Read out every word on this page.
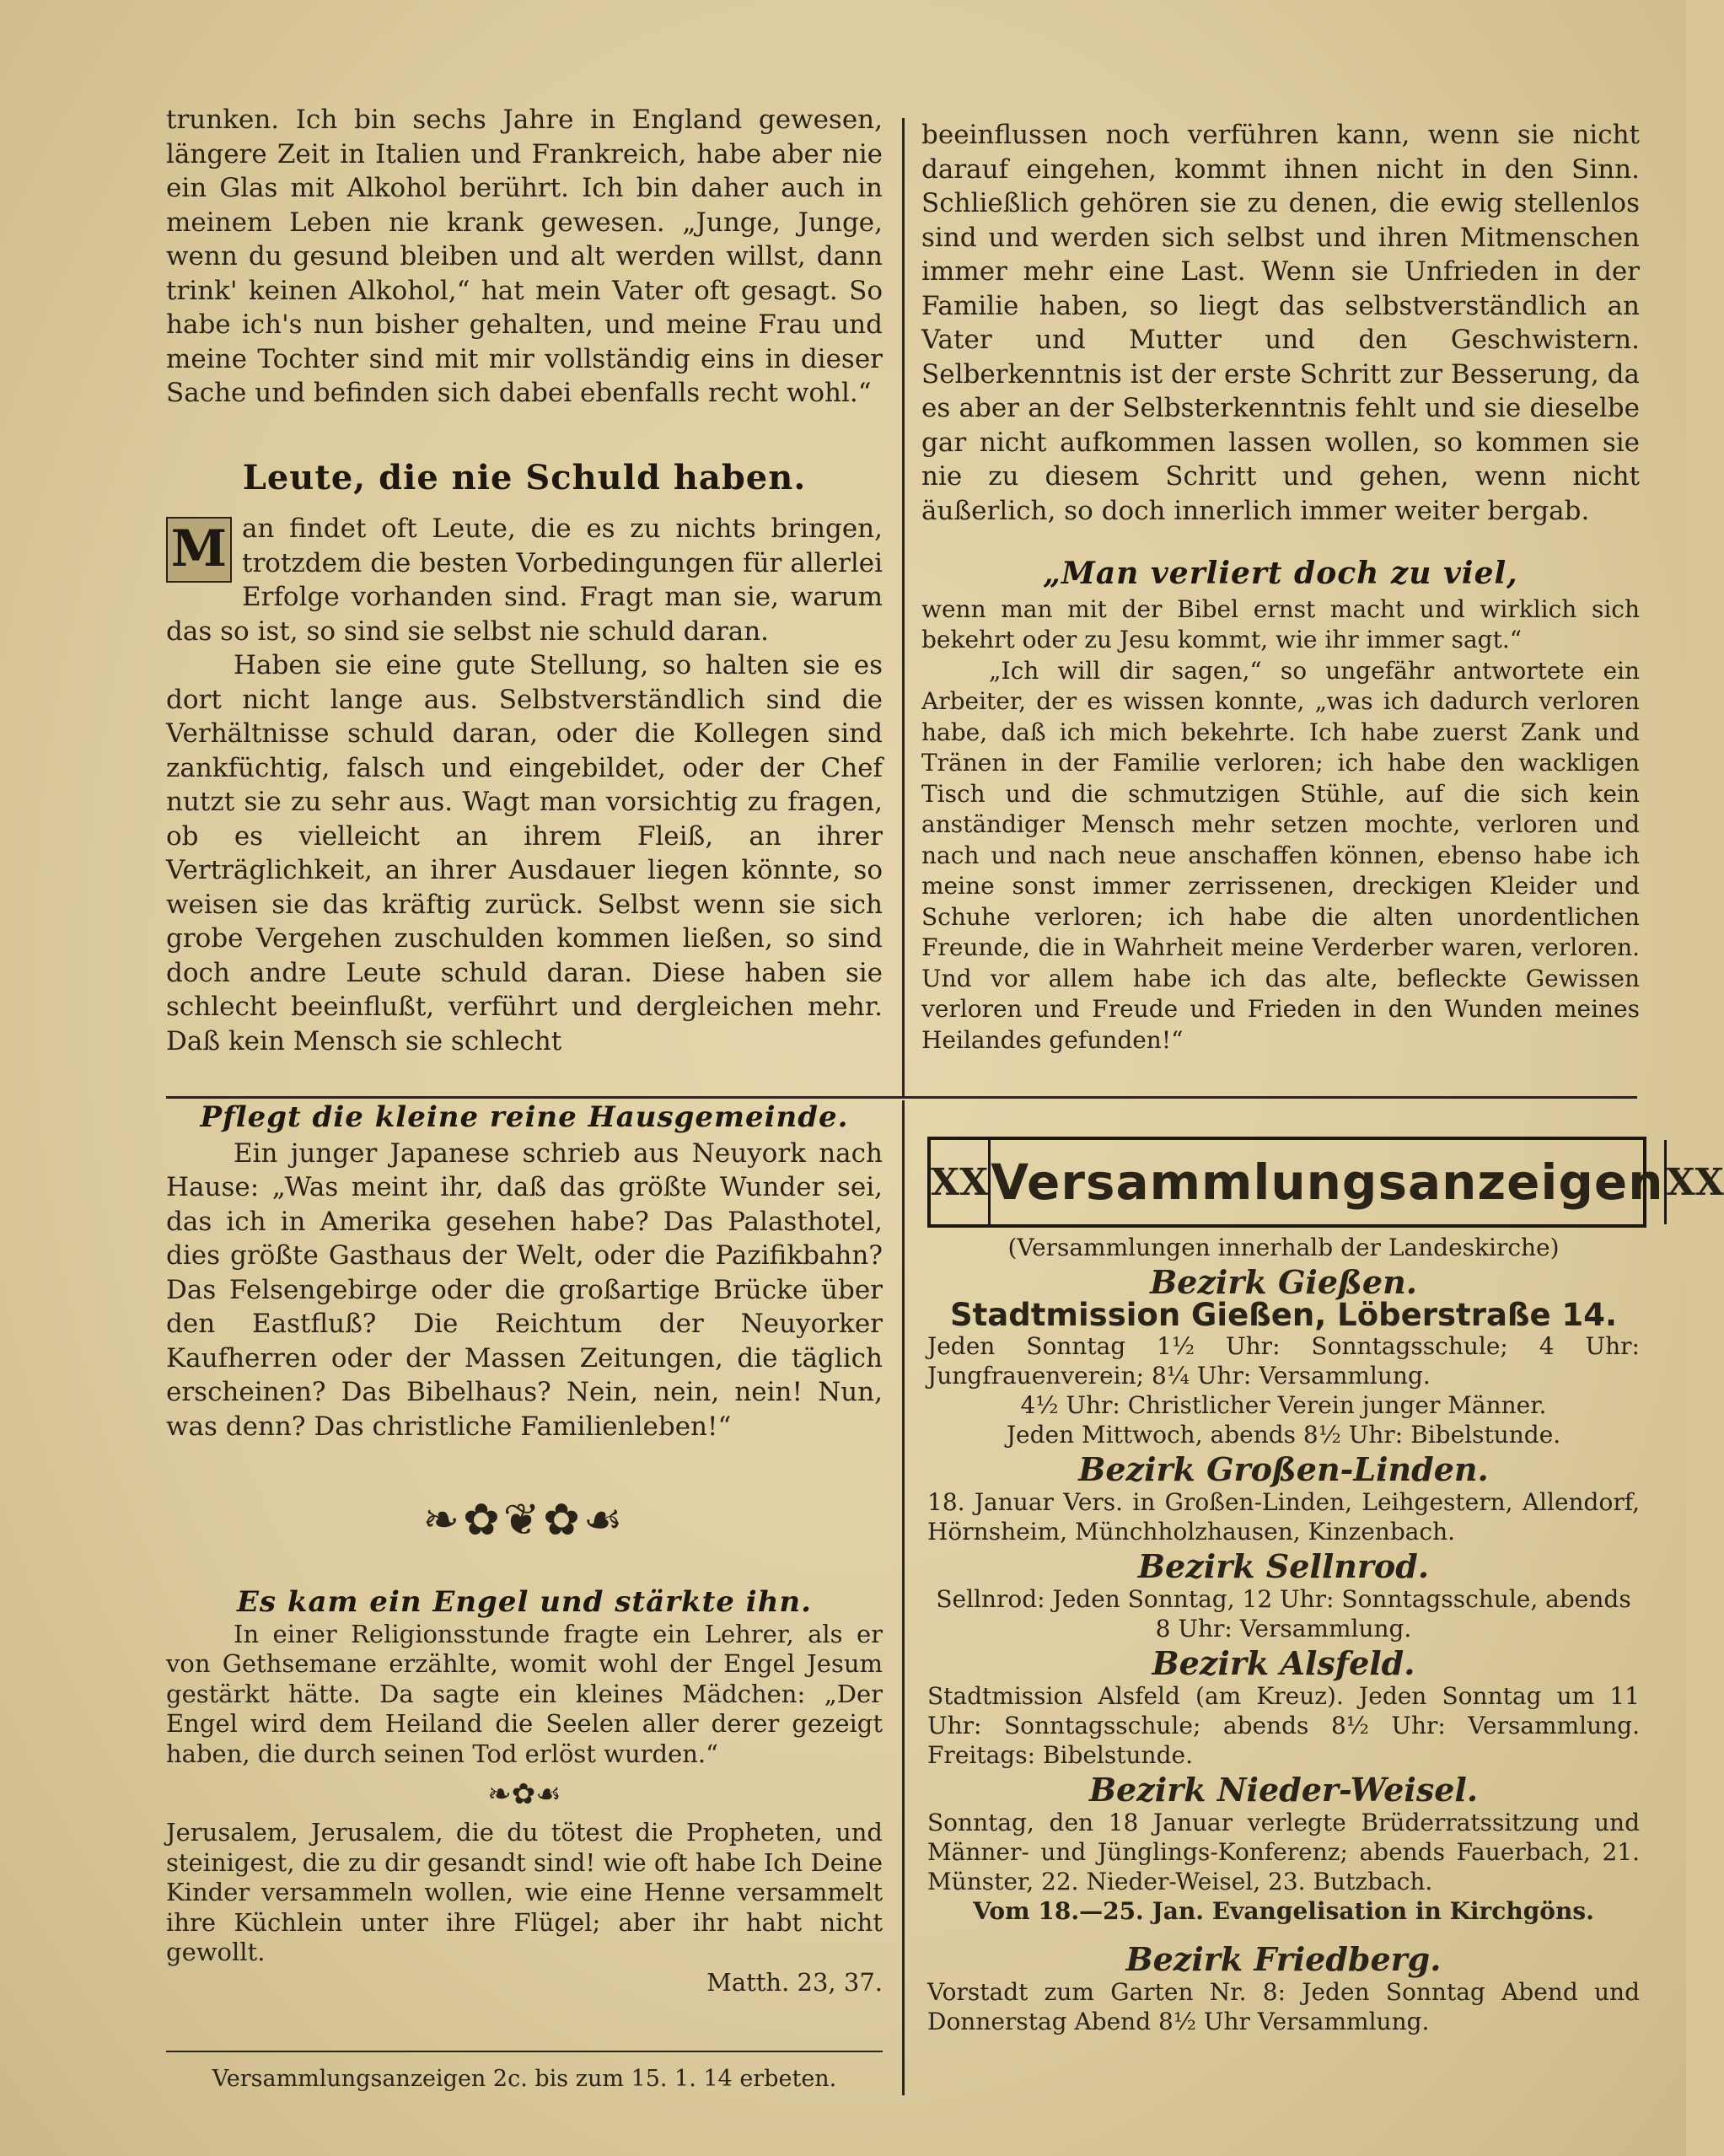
trunken. Ich bin sechs Jahre in England gewesen, längere Zeit in Italien und Frankreich, habe aber nie ein Glas mit Alkohol berührt. Ich bin daher auch in meinem Leben nie krank gewesen. „Junge, Junge, wenn du gesund bleiben und alt werden willst, dann trink' keinen Alkohol,“ hat mein Vater oft gesagt. So habe ich's nun bisher gehalten, und meine Frau und meine Tochter sind mit mir vollständig eins in dieser Sache und befinden sich dabei ebenfalls recht wohl.“

Leute, die nie Schuld haben.
M an findet oft Leute, die es zu nichts bringen, trotzdem die besten Vorbedingungen für allerlei Erfolge vorhanden sind. Fragt man sie, warum das so ist, so sind sie selbst nie schuld daran.

Haben sie eine gute Stellung, so halten sie es dort nicht lange aus. Selbstverständlich sind die Verhältnisse schuld daran, oder die Kollegen sind zankfüchtig, falsch und eingebildet, oder der Chef nutzt sie zu sehr aus. Wagt man vorsichtig zu fragen, ob es vielleicht an ihrem Fleiß, an ihrer Verträglichkeit, an ihrer Ausdauer liegen könnte, so weisen sie das kräftig zurück. Selbst wenn sie sich grobe Vergehen zuschulden kommen ließen, so sind doch andre Leute schuld daran. Diese haben sie schlecht beeinflußt, verführt und dergleichen mehr. Daß kein Mensch sie schlecht

beeinflussen noch verführen kann, wenn sie nicht darauf eingehen, kommt ihnen nicht in den Sinn. Schließlich gehören sie zu denen, die ewig stellenlos sind und werden sich selbst und ihren Mitmenschen immer mehr eine Last. Wenn sie Unfrieden in der Familie haben, so liegt das selbstverständlich an Vater und Mutter und den Geschwistern. Selberkenntnis ist der erste Schritt zur Besserung, da es aber an der Selbsterkenntnis fehlt und sie dieselbe gar nicht aufkommen lassen wollen, so kommen sie nie zu diesem Schritt und gehen, wenn nicht äußerlich, so doch innerlich immer weiter bergab.

„Man verliert doch zu viel,

wenn man mit der Bibel ernst macht und wirklich sich bekehrt oder zu Jesu kommt, wie ihr immer sagt.“

„Ich will dir sagen,“ so ungefähr antwortete ein Arbeiter, der es wissen konnte, „was ich dadurch verloren habe, daß ich mich bekehrte. Ich habe zuerst Zank und Tränen in der Familie verloren; ich habe den wackligen Tisch und die schmutzigen Stühle, auf die sich kein anständiger Mensch mehr setzen mochte, verloren und nach und nach neue anschaffen können, ebenso habe ich meine sonst immer zerrissenen, dreckigen Kleider und Schuhe verloren; ich habe die alten unordentlichen Freunde, die in Wahrheit meine Verderber waren, verloren. Und vor allem habe ich das alte, befleckte Gewissen verloren und Freude und Frieden in den Wunden meines Heilandes gefunden!“

Pflegt die kleine reine Hausgemeinde.

Ein junger Japanese schrieb aus Neuyork nach Hause: „Was meint ihr, daß das größte Wunder sei, das ich in Amerika gesehen habe? Das Palasthotel, dies größte Gasthaus der Welt, oder die Pazifikbahn? Das Felsengebirge oder die großartige Brücke über den Eastfluß? Die Reichtum der Neuyorker Kaufherren oder der Massen Zeitungen, die täglich erscheinen? Das Bibelhaus? Nein, nein, nein! Nun, was denn? Das christliche Familienleben!“

❧✿❦✿☙
Es kam ein Engel und stärkte ihn.

In einer Religionsstunde fragte ein Lehrer, als er von Gethsemane erzählte, womit wohl der Engel Jesum gestärkt hätte. Da sagte ein kleines Mädchen: „Der Engel wird dem Heiland die Seelen aller derer gezeigt haben, die durch seinen Tod erlöst wurden.“

❧✿☙

Jerusalem, Jerusalem, die du tötest die Propheten, und steinigest, die zu dir gesandt sind! wie oft habe Ich Deine Kinder versammeln wollen, wie eine Henne versammelt ihre Küchlein unter ihre Flügel; aber ihr habt nicht gewollt.

Matth. 23, 37.

Versammlungsanzeigen 2c. bis zum 15. 1. 14 erbeten.
ⅩⅩ Versammlungsanzeigen ⅩⅩ

(Versammlungen innerhalb der Landeskirche)

Bezirk Gießen.

Stadtmission Gießen, Löberstraße 14.

Jeden Sonntag 1½ Uhr: Sonntagsschule; 4 Uhr: Jungfrauenverein; 8¼ Uhr: Versammlung.

4½ Uhr: Christlicher Verein junger Männer.

Jeden Mittwoch, abends 8½ Uhr: Bibelstunde.

Bezirk Großen-Linden.

18. Januar Vers. in Großen-Linden, Leihgestern, Allendorf, Hörnsheim, Münchholzhausen, Kinzenbach.

Bezirk Sellnrod.

Sellnrod: Jeden Sonntag, 12 Uhr: Sonntagsschule, abends 8 Uhr: Versammlung.

Bezirk Alsfeld.

Stadtmission Alsfeld (am Kreuz). Jeden Sonntag um 11 Uhr: Sonntagsschule; abends 8½ Uhr: Versammlung. Freitags: Bibelstunde.

Bezirk Nieder-Weisel.

Sonntag, den 18 Januar verlegte Brüderratssitzung und Männer- und Jünglings-Konferenz; abends Fauerbach, 21. Münster, 22. Nieder-Weisel, 23. Butzbach.

Vom 18.—25. Jan. Evangelisation in Kirchgöns.

Bezirk Friedberg.

Vorstadt zum Garten Nr. 8: Jeden Sonntag Abend und Donnerstag Abend 8½ Uhr Versammlung.
